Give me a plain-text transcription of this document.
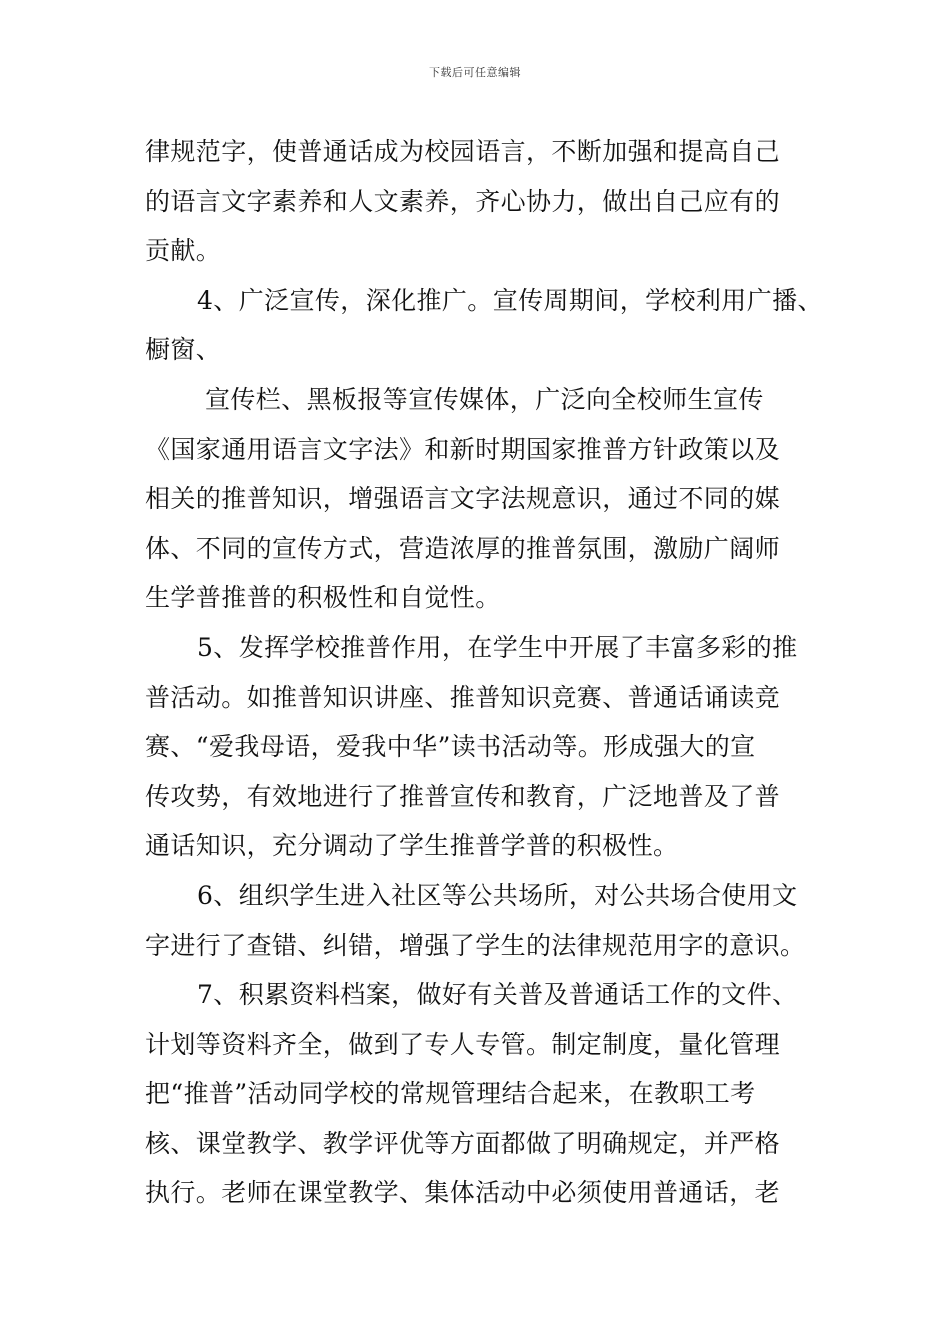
下载后可任意编辑
律规范字，使普通话成为校园语言，不断加强和提高自己
的语言文字素养和人文素养，齐心协力，做出自己应有的
贡献。
4、广泛宣传，深化推广。宣传周期间，学校利用广播、
橱窗、
宣传栏、黑板报等宣传媒体，广泛向全校师生宣传
《国家通用语言文字法》和新时期国家推普方针政策以及
相关的推普知识，增强语言文字法规意识，通过不同的媒
体、不同的宣传方式，营造浓厚的推普氛围，激励广阔师
生学普推普的积极性和自觉性。
5、发挥学校推普作用，在学生中开展了丰富多彩的推
普活动。如推普知识讲座、推普知识竞赛、普通话诵读竞
赛、“爱我母语，爱我中华”读书活动等。形成强大的宣
传攻势，有效地进行了推普宣传和教育，广泛地普及了普
通话知识，充分调动了学生推普学普的积极性。
6、组织学生进入社区等公共场所，对公共场合使用文
字进行了查错、纠错，增强了学生的法律规范用字的意识。
7、积累资料档案，做好有关普及普通话工作的文件、
计划等资料齐全，做到了专人专管。制定制度，量化管理
把“推普”活动同学校的常规管理结合起来，在教职工考
核、课堂教学、教学评优等方面都做了明确规定，并严格
执行。老师在课堂教学、集体活动中必须使用普通话，老
